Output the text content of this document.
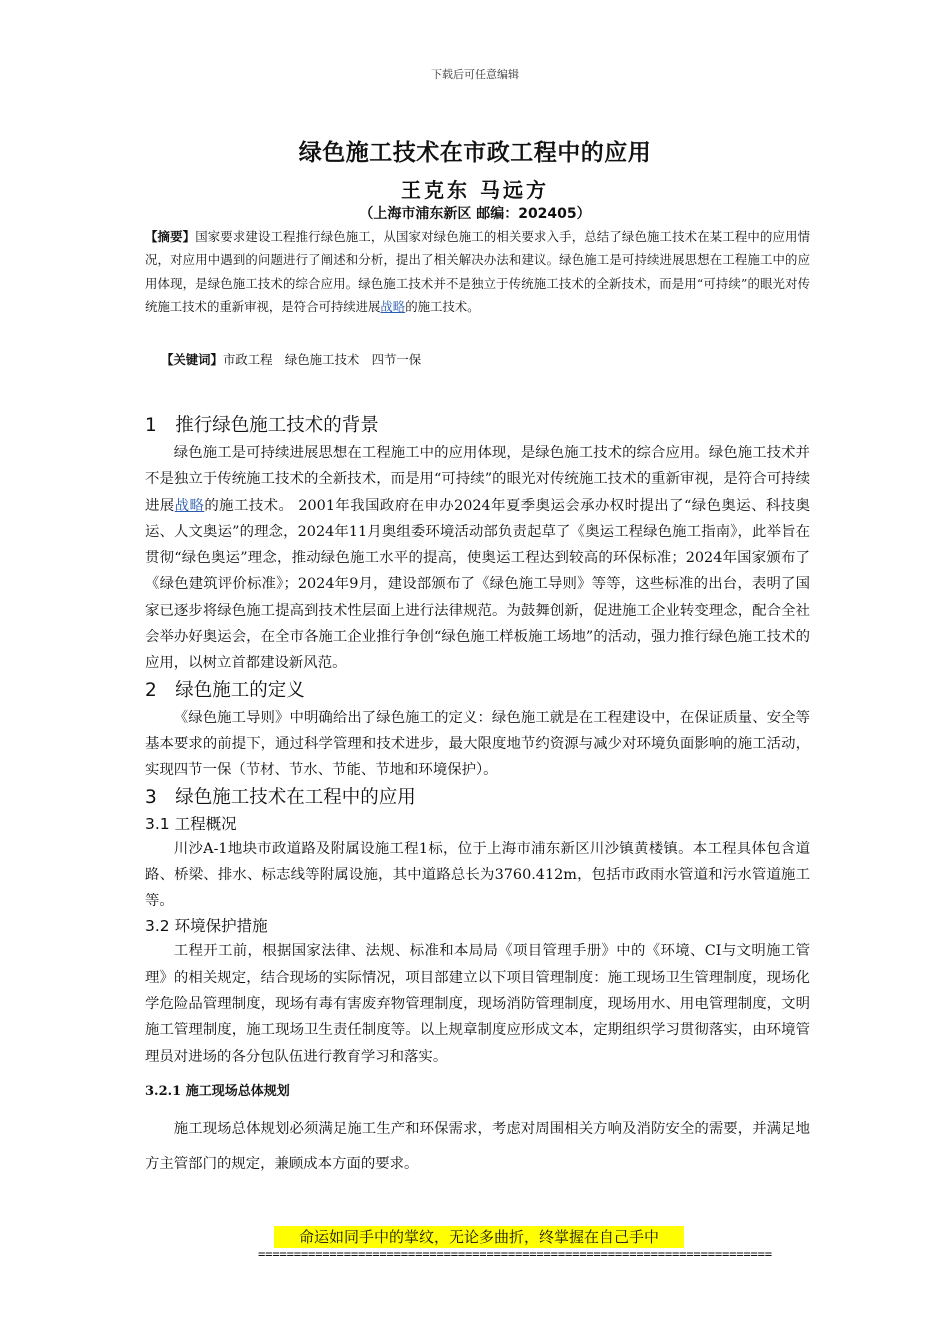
下载后可任意编辑
绿色施工技术在市政工程中的应用
王克东 马远方
（上海市浦东新区 邮编：202405）
【摘要】国家要求建设工程推行绿色施工，从国家对绿色施工的相关要求入手，总结了绿色施工技术在某工程中的应用情况，对应用中遇到的问题进行了阐述和分析，提出了相关解决办法和建议。绿色施工是可持续进展思想在工程施工中的应用体现，是绿色施工技术的综合应用。绿色施工技术并不是独立于传统施工技术的全新技术，而是用“可持续”的眼光对传统施工技术的重新审视，是符合可持续进展战略的施工技术。
【关键词】市政工程　绿色施工技术　四节一保
1　推行绿色施工技术的背景

绿色施工是可持续进展思想在工程施工中的应用体现，是绿色施工技术的综合应用。绿色施工技术并不是独立于传统施工技术的全新技术，而是用“可持续”的眼光对传统施工技术的重新审视，是符合可持续进展战略的施工技术。 2001年我国政府在申办2024年夏季奥运会承办权时提出了“绿色奥运、科技奥运、人文奥运”的理念，2024年11月奥组委环境活动部负责起草了《奥运工程绿色施工指南》，此举旨在贯彻“绿色奥运”理念，推动绿色施工水平的提高，使奥运工程达到较高的环保标准；2024年国家颁布了《绿色建筑评价标准》；2024年9月，建设部颁布了《绿色施工导则》等等，这些标准的出台，表明了国家已逐步将绿色施工提高到技术性层面上进行法律规范。为鼓舞创新，促进施工企业转变理念，配合全社会举办好奥运会，在全市各施工企业推行争创“绿色施工样板施工场地”的活动，强力推行绿色施工技术的应用，以树立首都建设新风范。

2　绿色施工的定义

《绿色施工导则》中明确给出了绿色施工的定义：绿色施工就是在工程建设中，在保证质量、安全等基本要求的前提下，通过科学管理和技术进步，最大限度地节约资源与减少对环境负面影响的施工活动，实现四节一保（节材、节水、节能、节地和环境保护）。

3　绿色施工技术在工程中的应用
3.1 工程概况

川沙A-1地块市政道路及附属设施工程1标，位于上海市浦东新区川沙镇黄楼镇。本工程具体包含道路、桥梁、排水、标志线等附属设施，其中道路总长为3760.412m，包括市政雨水管道和污水管道施工等。

3.2 环境保护措施

工程开工前，根据国家法律、法规、标准和本局局《项目管理手册》中的《环境、CI与文明施工管理》的相关规定，结合现场的实际情况，项目部建立以下项目管理制度：施工现场卫生管理制度，现场化学危险品管理制度，现场有毒有害废弃物管理制度，现场消防管理制度，现场用水、用电管理制度，文明施工管理制度，施工现场卫生责任制度等。以上规章制度应形成文本，定期组织学习贯彻落实，由环境管理员对进场的各分包队伍进行教育学习和落实。

3.2.1 施工现场总体规划

施工现场总体规划必须满足施工生产和环保需求，考虑对周围相关方响及消防安全的需要，并满足地方主管部门的规定，兼顾成本方面的要求。

命运如同手中的掌纹，无论多曲折，终掌握在自己手中
========================================================================
